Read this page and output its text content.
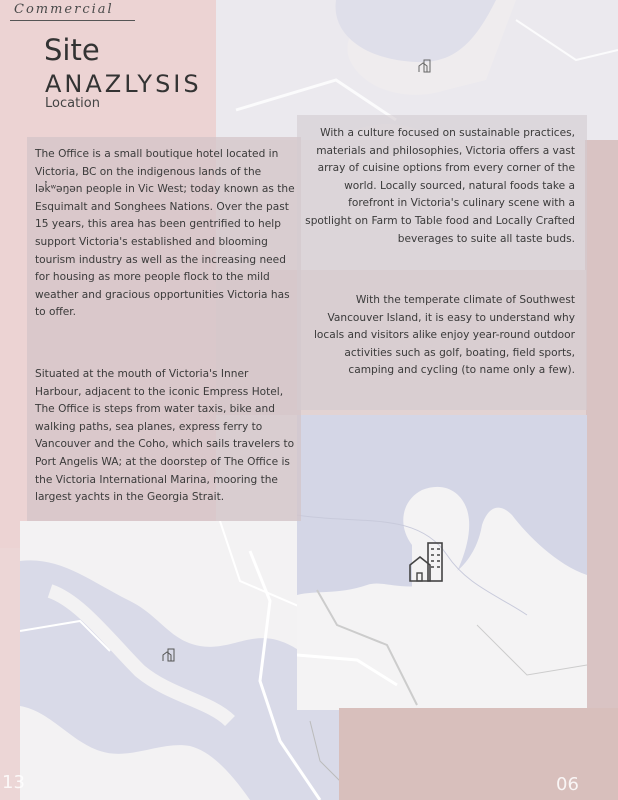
Commercial
Site
ANAZLYSIS
Location

The Office is a small boutique hotel located in Victoria, BC on the indigenous lands of the lək̓ʷəŋən people in Vic West; today known as the Esquimalt and Songhees Nations. Over the past 15 years, this area has been gentrified to help support Victoria's established and blooming tourism industry as well as the increasing need for housing as more people flock to the mild weather and gracious opportunities Victoria has to offer.

Situated at the mouth of Victoria's Inner Harbour, adjacent to the iconic Empress Hotel, The Office is steps from water taxis, bike and walking paths, sea planes, express ferry to Vancouver and the Coho, which sails travelers to Port Angelis WA; at the doorstep of The Office is the Victoria International Marina, mooring the largest yachts in the Georgia Strait.

With a culture focused on sustainable practices, materials and philosophies, Victoria offers a vast array of cuisine options from every corner of the world. Locally sourced, natural foods take a forefront in Victoria's culinary scene with a spotlight on Farm to Table food and Locally Crafted beverages to suite all taste buds.

With the temperate climate of Southwest Vancouver Island, it is easy to understand why locals and visitors alike enjoy year-round outdoor activities such as golf, boating, field sports, camping and cycling (to name only a few).

13	06
